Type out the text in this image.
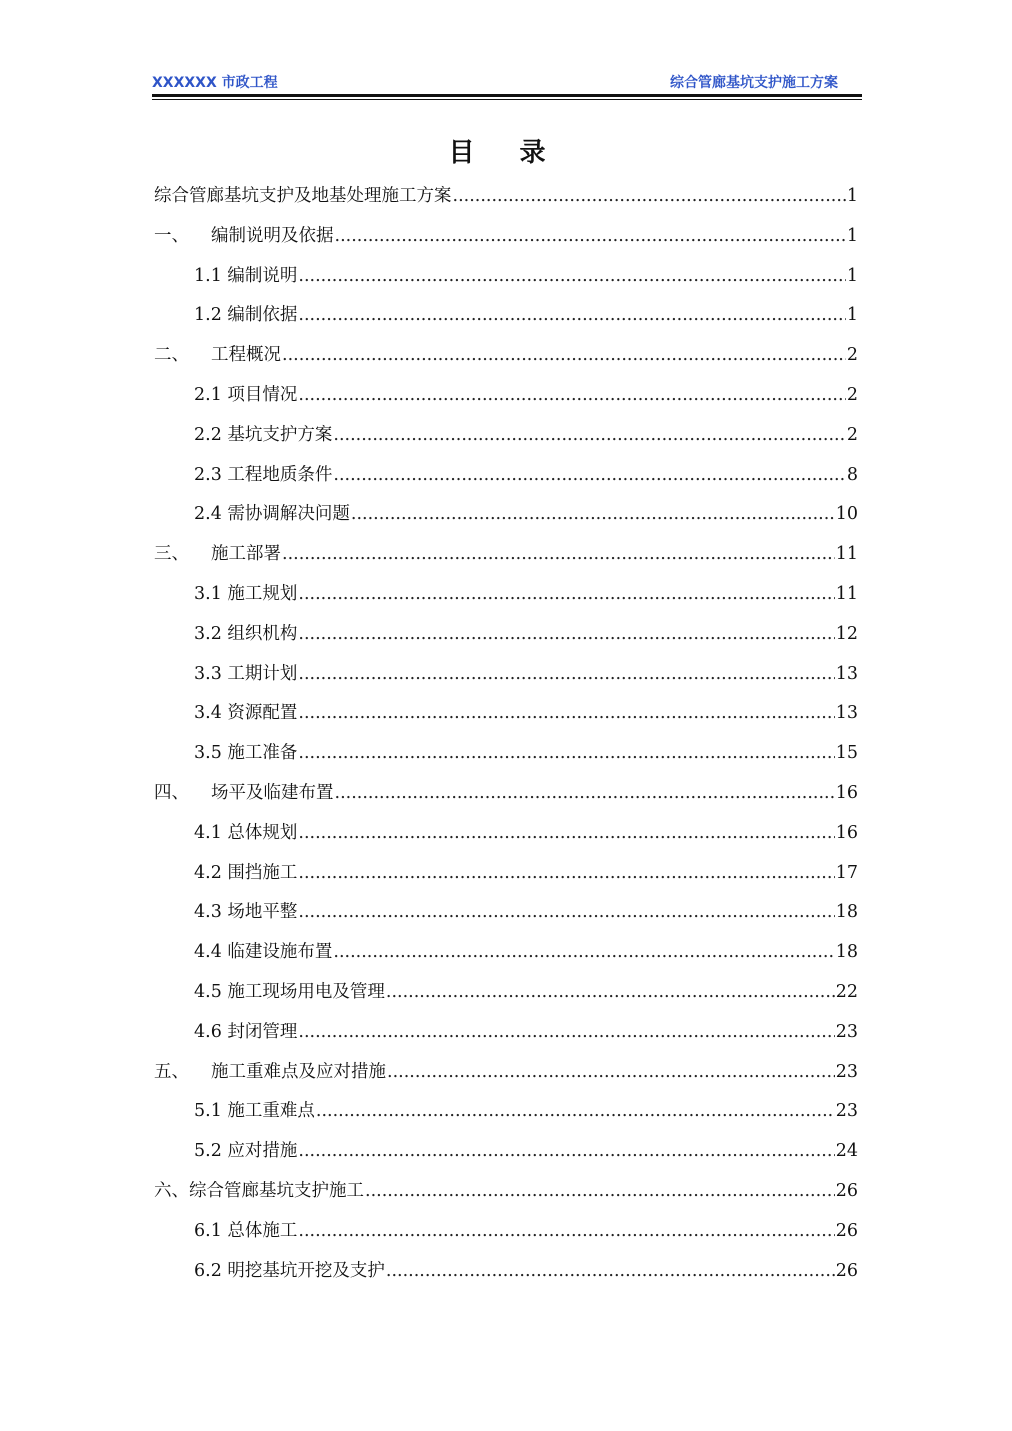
XXXXXX 市政工程	综合管廊基坑支护施工方案
目 录
综合管廊基坑支护及地基处理施工方案 .....	1
一、 编制说明及依据 .....	1
1.1 编制说明 .....	1
1.2 编制依据 .....	1
二、 工程概况 .....	2
2.1 项目情况 .....	2
2.2 基坑支护方案 .....	2
2.3 工程地质条件 .....	8
2.4 需协调解决问题 .....	10
三、 施工部署 .....	11
3.1 施工规划 .....	11
3.2 组织机构 .....	12
3.3 工期计划 .....	13
3.4 资源配置 .....	13
3.5 施工准备 .....	15
四、 场平及临建布置 .....	16
4.1 总体规划 .....	16
4.2 围挡施工 .....	17
4.3 场地平整 .....	18
4.4 临建设施布置 .....	18
4.5 施工现场用电及管理 .....	22
4.6 封闭管理 .....	23
五、 施工重难点及应对措施 .....	23
5.1 施工重难点 .....	23
5.2 应对措施 .....	24
六、 综合管廊基坑支护施工 .....	26
6.1 总体施工 .....	26
6.2 明挖基坑开挖及支护 .....	26
